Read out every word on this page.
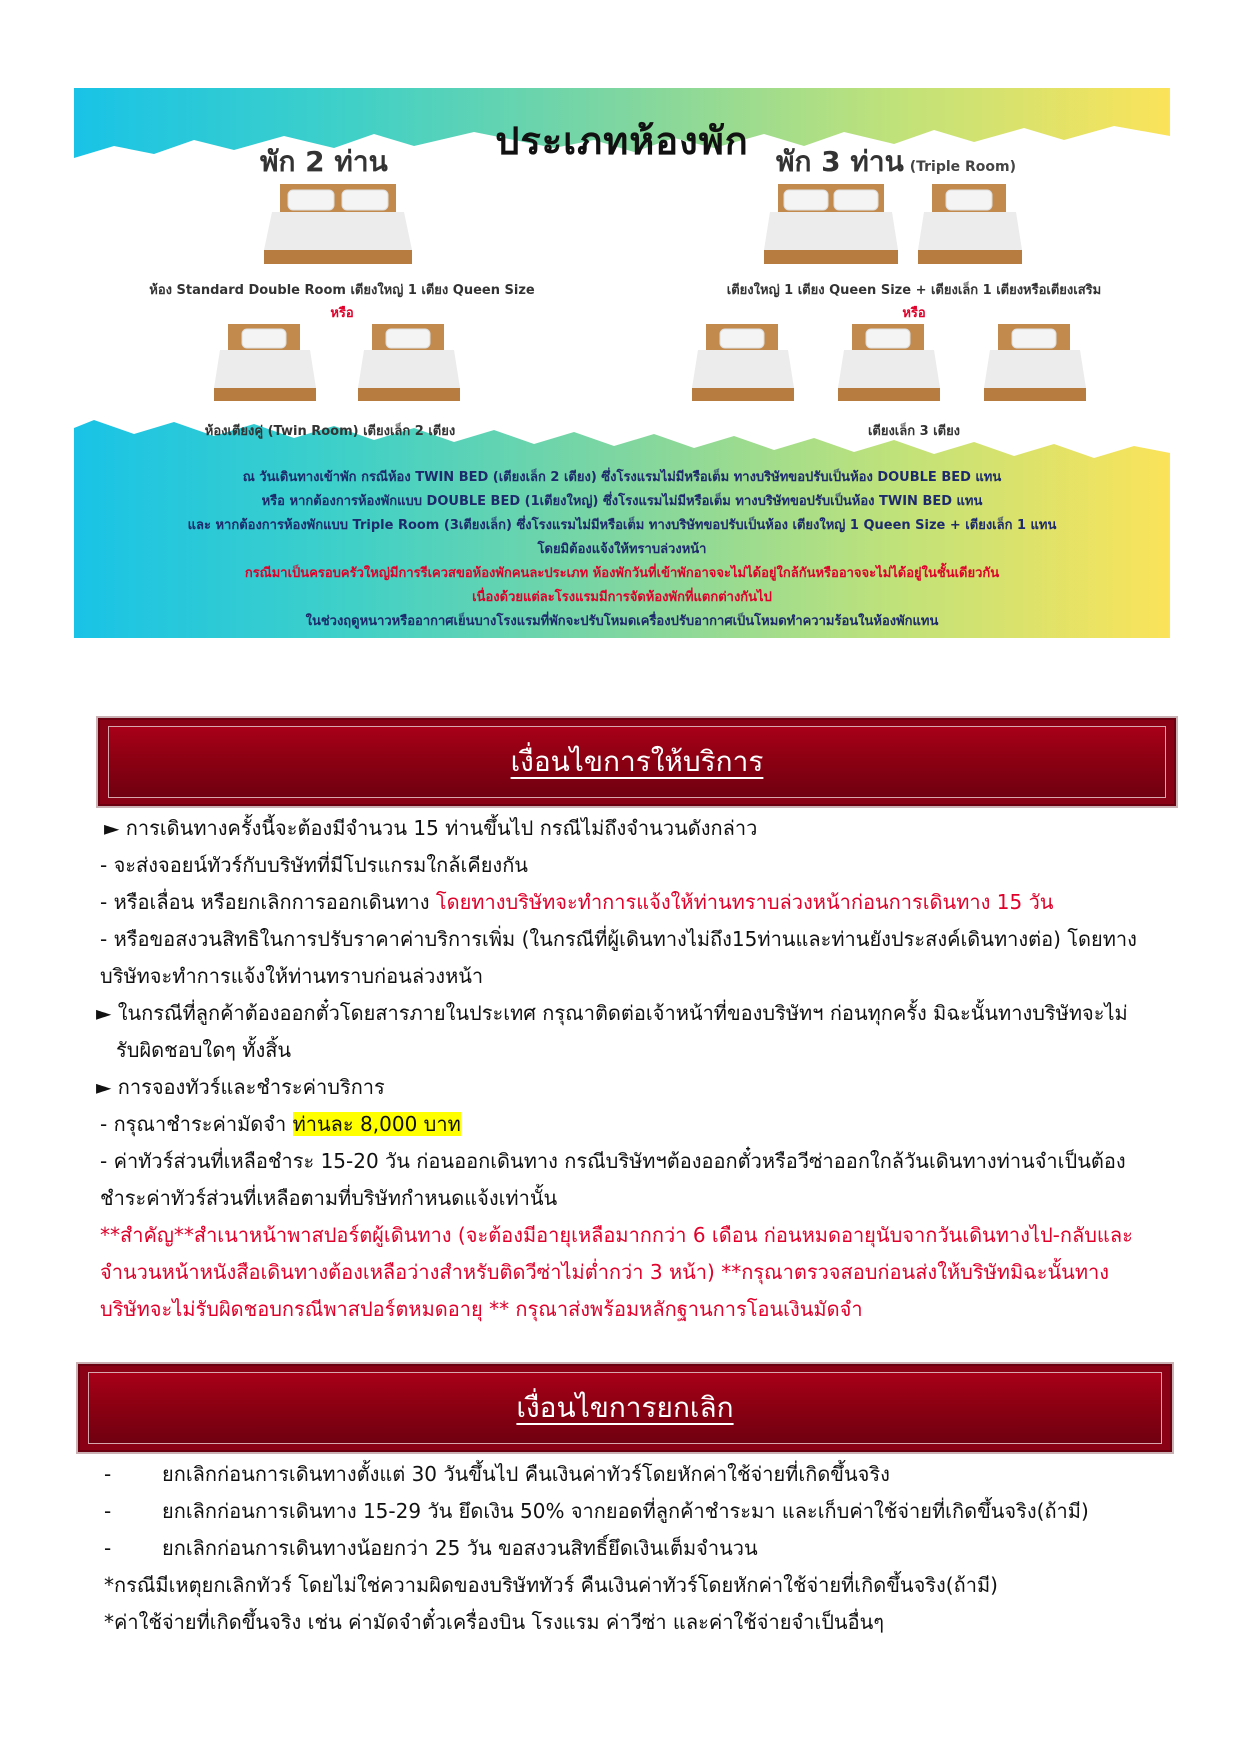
ประเภทห้องพัก
พัก 2 ท่าน
ห้อง Standard Double Room เตียงใหญ่ 1 เตียง Queen Size
หรือ
ห้องเตียงคู่ (Twin Room) เตียงเล็ก 2 เตียง
พัก 3 ท่าน (Triple Room)
เตียงใหญ่ 1 เตียง Queen Size + เตียงเล็ก 1 เตียงหรือเตียงเสริม
หรือ
เตียงเล็ก 3 เตียง
ณ วันเดินทางเข้าพัก กรณีห้อง TWIN BED (เตียงเล็ก 2 เตียง) ซึ่งโรงแรมไม่มีหรือเต็ม ทางบริษัทขอปรับเป็นห้อง DOUBLE BED แทน
หรือ หากต้องการห้องพักแบบ DOUBLE BED (1เตียงใหญ่) ซึ่งโรงแรมไม่มีหรือเต็ม ทางบริษัทขอปรับเป็นห้อง TWIN BED แทน
และ หากต้องการห้องพักแบบ Triple Room (3เตียงเล็ก) ซึ่งโรงแรมไม่มีหรือเต็ม ทางบริษัทขอปรับเป็นห้อง เตียงใหญ่ 1 Queen Size + เตียงเล็ก 1 แทน
โดยมิต้องแจ้งให้ทราบล่วงหน้า
กรณีมาเป็นครอบครัวใหญ่มีการรีเควสขอห้องพักคนละประเภท ห้องพักวันที่เข้าพักอาจจะไม่ได้อยู่ใกล้กันหรืออาจจะไม่ได้อยู่ในชั้นเดียวกัน
เนื่องด้วยแต่ละโรงแรมมีการจัดห้องพักที่แตกต่างกันไป
ในช่วงฤดูหนาวหรืออากาศเย็นบางโรงแรมที่พักจะปรับโหมดเครื่องปรับอากาศเป็นโหมดทำความร้อนในห้องพักแทน
เงื่อนไขการให้บริการ
► การเดินทางครั้งนี้จะต้องมีจำนวน 15 ท่านขึ้นไป กรณีไม่ถึงจำนวนดังกล่าว
- จะส่งจอยน์ทัวร์กับบริษัทที่มีโปรแกรมใกล้เคียงกัน
- หรือเลื่อน หรือยกเลิกการออกเดินทาง โดยทางบริษัทจะทำการแจ้งให้ท่านทราบล่วงหน้าก่อนการเดินทาง 15 วัน
- หรือขอสงวนสิทธิในการปรับราคาค่าบริการเพิ่ม (ในกรณีที่ผู้เดินทางไม่ถึง15ท่านและท่านยังประสงค์เดินทางต่อ) โดยทาง
บริษัทจะทำการแจ้งให้ท่านทราบก่อนล่วงหน้า
► ในกรณีที่ลูกค้าต้องออกตั๋วโดยสารภายในประเทศ กรุณาติดต่อเจ้าหน้าที่ของบริษัทฯ ก่อนทุกครั้ง มิฉะนั้นทางบริษัทจะไม่
รับผิดชอบใดๆ ทั้งสิ้น
► การจองทัวร์และชำระค่าบริการ
- กรุณาชำระค่ามัดจำ ท่านละ 8,000 บาท
- ค่าทัวร์ส่วนที่เหลือชำระ 15-20 วัน ก่อนออกเดินทาง กรณีบริษัทฯต้องออกตั๋วหรือวีซ่าออกใกล้วันเดินทางท่านจำเป็นต้อง
ชำระค่าทัวร์ส่วนที่เหลือตามที่บริษัทกำหนดแจ้งเท่านั้น
**สำคัญ**สำเนาหน้าพาสปอร์ตผู้เดินทาง (จะต้องมีอายุเหลือมากกว่า 6 เดือน ก่อนหมดอายุนับจากวันเดินทางไป-กลับและ
จำนวนหน้าหนังสือเดินทางต้องเหลือว่างสำหรับติดวีซ่าไม่ต่ำกว่า 3 หน้า) **กรุณาตรวจสอบก่อนส่งให้บริษัทมิฉะนั้นทาง
บริษัทจะไม่รับผิดชอบกรณีพาสปอร์ตหมดอายุ ** กรุณาส่งพร้อมหลักฐานการโอนเงินมัดจำ
เงื่อนไขการยกเลิก
-	ยกเลิกก่อนการเดินทางตั้งแต่ 30 วันขึ้นไป คืนเงินค่าทัวร์โดยหักค่าใช้จ่ายที่เกิดขึ้นจริง
-	ยกเลิกก่อนการเดินทาง 15-29 วัน ยึดเงิน 50% จากยอดที่ลูกค้าชำระมา และเก็บค่าใช้จ่ายที่เกิดขึ้นจริง(ถ้ามี)
-	ยกเลิกก่อนการเดินทางน้อยกว่า 25 วัน ขอสงวนสิทธิ์ยึดเงินเต็มจำนวน
*กรณีมีเหตุยกเลิกทัวร์ โดยไม่ใช่ความผิดของบริษัททัวร์ คืนเงินค่าทัวร์โดยหักค่าใช้จ่ายที่เกิดขึ้นจริง(ถ้ามี)
*ค่าใช้จ่ายที่เกิดขึ้นจริง เช่น ค่ามัดจำตั๋วเครื่องบิน โรงแรม ค่าวีซ่า และค่าใช้จ่ายจำเป็นอื่นๆ
